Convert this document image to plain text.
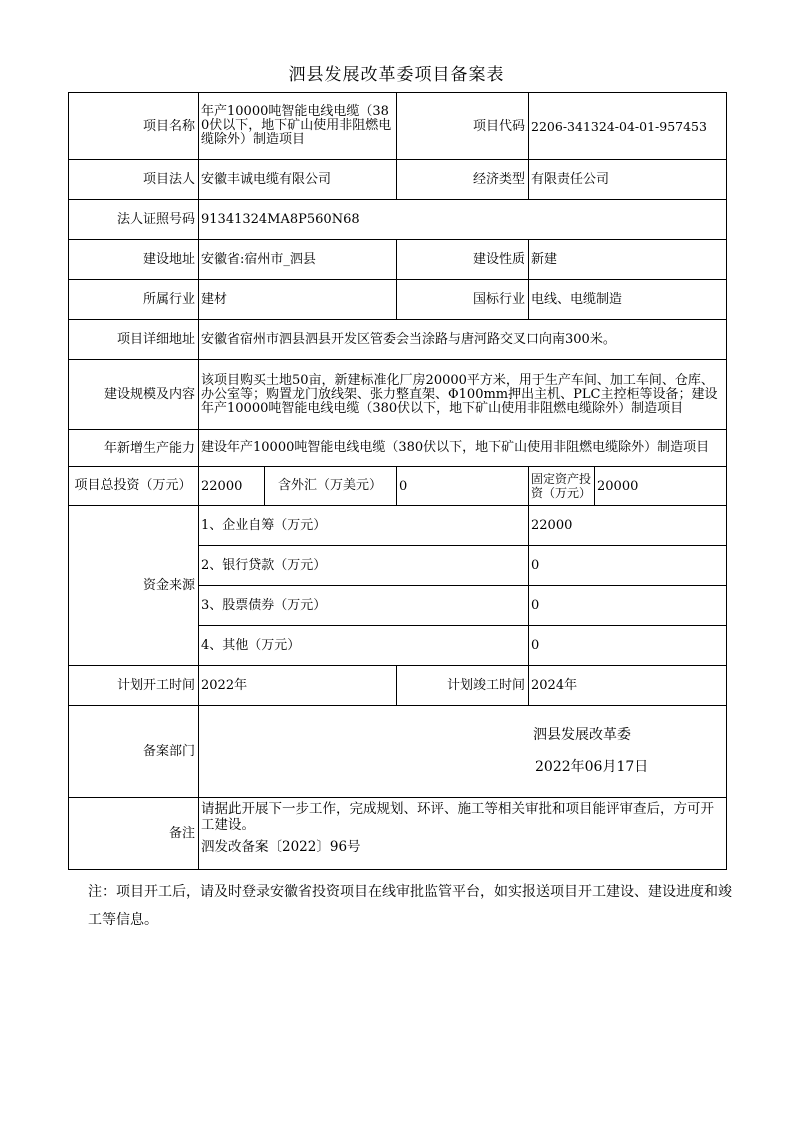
泗县发展改革委项目备案表
项目名称	年产10000吨智能电线电缆（380伏以下，地下矿山使用非阻燃电缆除外）制造项目		项目代码	2206-341324-04-01-957453	
项目法人	安徽丰诚电缆有限公司		经济类型	有限责任公司	
法人证照号码	91341324MA8P560N68				
建设地址	安徽省:宿州市_泗县		建设性质	新建	
所属行业	建材		国标行业	电线、电缆制造	
项目详细地址	安徽省宿州市泗县泗县开发区管委会当涂路与唐河路交叉口向南300米。				
建设规模及内容	该项目购买土地50亩，新建标准化厂房20000平方米，用于生产车间、加工车间、仓库、办公室等；购置龙门放线架、张力整直架、Φ100mm押出主机、PLC主控柜等设备；建设年产10000吨智能电线电缆（380伏以下，地下矿山使用非阻燃电缆除外）制造项目				
年新增生产能力	建设年产10000吨智能电线电缆（380伏以下，地下矿山使用非阻燃电缆除外）制造项目				
项目总投资（万元）	22000	含外汇（万美元）	0	固定资产投资（万元）	20000
资金来源	1、企业自筹（万元）			22000	
	2、银行贷款（万元）			0	
	3、股票债券（万元）			0	
	4、其他（万元）			0	
计划开工时间	2022年		计划竣工时间	2024年	
备案部门	泗县发展改革委
2022年06月17日				

备注	请据此开展下一步工作，完成规划、环评、施工等相关审批和项目能评审查后，方可开工建设。
泗发改备案〔2022〕96号				
注：项目开工后，请及时登录安徽省投资项目在线审批监管平台，如实报送项目开工建设、建设进度和竣工等信息。
